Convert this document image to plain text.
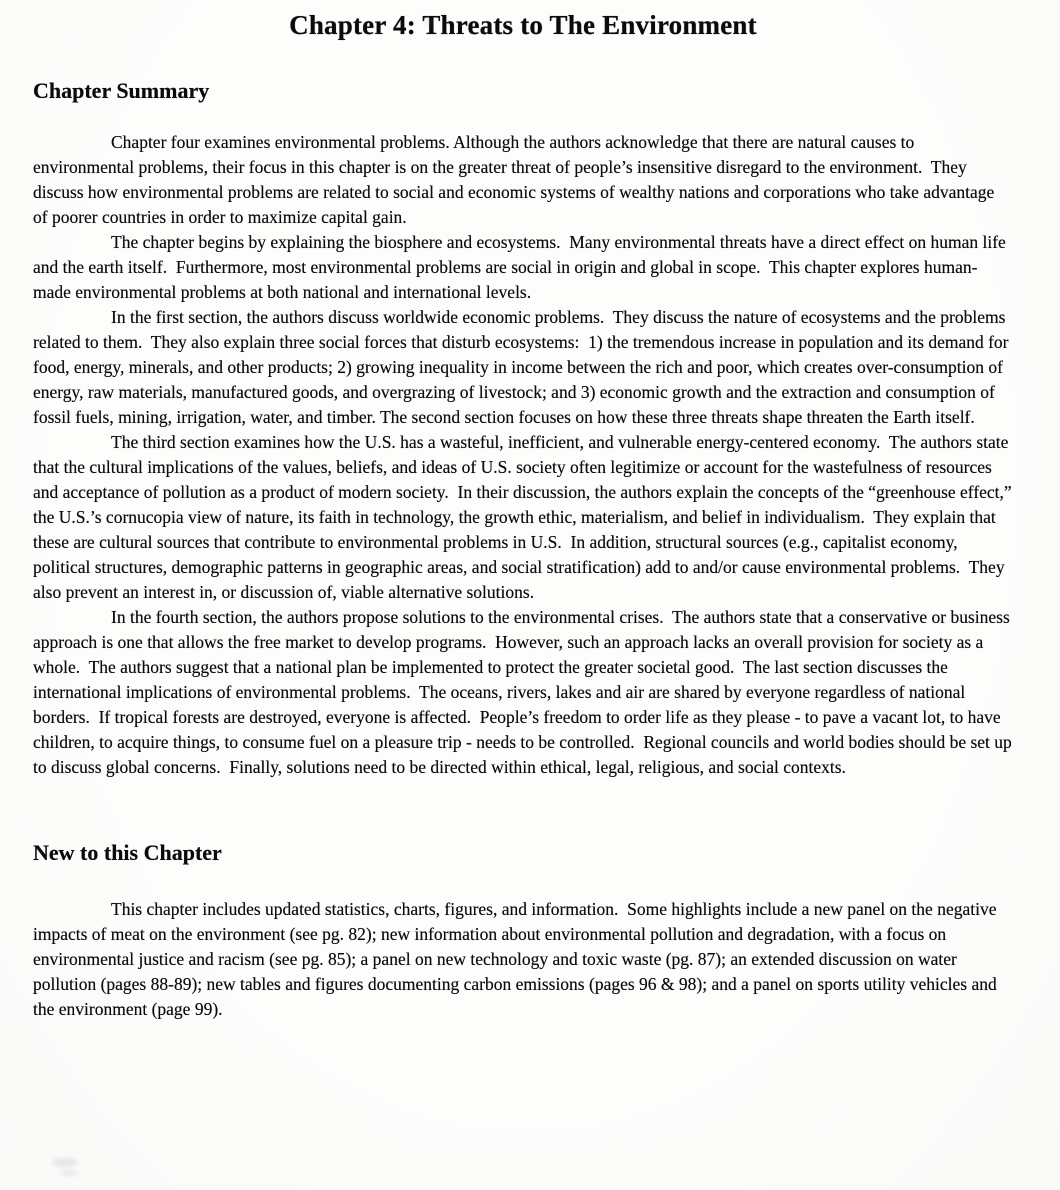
Chapter 4: Threats to The Environment
Chapter Summary

Chapter four examines environmental problems. Although the authors acknowledge that there are natural causes to environmental problems, their focus in this chapter is on the greater threat of people’s insensitive disregard to the environment.  They discuss how environmental problems are related to social and economic systems of wealthy nations and corporations who take advantage of poorer countries in order to maximize capital gain.

The chapter begins by explaining the biosphere and ecosystems.  Many environmental threats have a direct effect on human life and the earth itself.  Furthermore, most environmental problems are social in origin and global in scope.  This chapter explores human-made environmental problems at both national and international levels.

In the first section, the authors discuss worldwide economic problems.  They discuss the nature of ecosystems and the problems related to them.  They also explain three social forces that disturb ecosystems:  1) the tremendous increase in population and its demand for food, energy, minerals, and other products; 2) growing inequality in income between the rich and poor, which creates over-consumption of energy, raw materials, manufactured goods, and overgrazing of livestock; and 3) economic growth and the extraction and consumption of fossil fuels, mining, irrigation, water, and timber. The second section focuses on how these three threats shape threaten the Earth itself.

The third section examines how the U.S. has a wasteful, inefficient, and vulnerable energy-centered economy.  The authors state that the cultural implications of the values, beliefs, and ideas of U.S. society often legitimize or account for the wastefulness of resources and acceptance of pollution as a product of modern society.  In their discussion, the authors explain the concepts of the “greenhouse effect,”  the U.S.’s cornucopia view of nature, its faith in technology, the growth ethic, materialism, and belief in individualism.  They explain that these are cultural sources that contribute to environmental problems in U.S.  In addition, structural sources (e.g., capitalist economy, political structures, demographic patterns in geographic areas, and social stratification) add to and/or cause environmental problems.  They also prevent an interest in, or discussion of, viable alternative solutions.

In the fourth section, the authors propose solutions to the environmental crises.  The authors state that a conservative or business approach is one that allows the free market to develop programs.  However, such an approach lacks an overall provision for society as a whole.  The authors suggest that a national plan be implemented to protect the greater societal good.  The last section discusses the international implications of environmental problems.  The oceans, rivers, lakes and air are shared by everyone regardless of national borders.  If tropical forests are destroyed, everyone is affected.  People’s freedom to order life as they please - to pave a vacant lot, to have children, to acquire things, to consume fuel on a pleasure trip - needs to be controlled.  Regional councils and world bodies should be set up to discuss global concerns.  Finally, solutions need to be directed within ethical, legal, religious, and social contexts.

New to this Chapter

This chapter includes updated statistics, charts, figures, and information.  Some highlights include a new panel on the negative impacts of meat on the environment (see pg. 82); new information about environmental pollution and degradation, with a focus on environmental justice and racism (see pg. 85); a panel on new technology and toxic waste (pg. 87); an extended discussion on water pollution (pages 88-89); new tables and figures documenting carbon emissions (pages 96 & 98); and a panel on sports utility vehicles and the environment (page 99).
